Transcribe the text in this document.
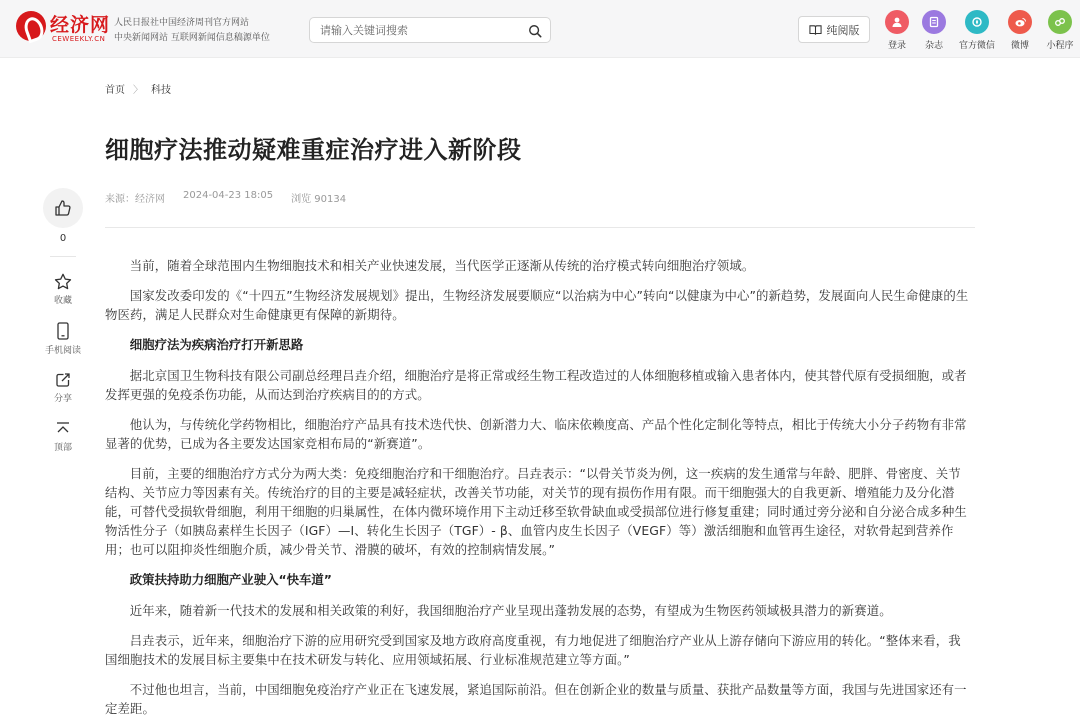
经济网
CEWEEKLY.CN
人民日报社中国经济周刊官方网站
中央新闻网站 互联网新闻信息稿源单位
请输入关键词搜索
纯阅版
登录	杂志	官方微信	微博	小程序
首页 〉 科技
细胞疗法推动疑难重症治疗进入新阶段
来源：经济网 2024-04-23 18:05 浏览 90134
0
收藏
手机阅读
分享
顶部

当前，随着全球范围内生物细胞技术和相关产业快速发展，当代医学正逐渐从传统的治疗模式转向细胞治疗领域。

国家发改委印发的《“十四五”生物经济发展规划》提出，生物经济发展要顺应“以治病为中心”转向“以健康为中心”的新趋势，发展面向人民生命健康的生物医药，满足人民群众对生命健康更有保障的新期待。

细胞疗法为疾病治疗打开新思路

据北京国卫生物科技有限公司副总经理吕垚介绍，细胞治疗是将正常或经生物工程改造过的人体细胞移植或输入患者体内，使其替代原有受损细胞，或者发挥更强的免疫杀伤功能，从而达到治疗疾病目的的方式。

他认为，与传统化学药物相比，细胞治疗产品具有技术迭代快、创新潜力大、临床依赖度高、产品个性化定制化等特点，相比于传统大小分子药物有非常显著的优势，已成为各主要发达国家竞相布局的“新赛道”。

目前，主要的细胞治疗方式分为两大类：免疫细胞治疗和干细胞治疗。吕垚表示：“以骨关节炎为例，这一疾病的发生通常与年龄、肥胖、骨密度、关节结构、关节应力等因素有关。传统治疗的目的主要是减轻症状，改善关节功能，对关节的现有损伤作用有限。而干细胞强大的自我更新、增殖能力及分化潜能，可替代受损软骨细胞，利用干细胞的归巢属性，在体内微环境作用下主动迁移至软骨缺血或受损部位进行修复重建；同时通过旁分泌和自分泌合成多种生物活性分子（如胰岛素样生长因子（IGF）—I、转化生长因子（TGF）- β、血管内皮生长因子（VEGF）等）激活细胞和血管再生途径，对软骨起到营养作用；也可以阻抑炎性细胞介质，减少骨关节、滑膜的破坏，有效的控制病情发展。”

政策扶持助力细胞产业驶入“快车道”

近年来，随着新一代技术的发展和相关政策的利好，我国细胞治疗产业呈现出蓬勃发展的态势，有望成为生物医药领域极具潜力的新赛道。

吕垚表示，近年来，细胞治疗下游的应用研究受到国家及地方政府高度重视，有力地促进了细胞治疗产业从上游存储向下游应用的转化。“整体来看，我国细胞技术的发展目标主要集中在技术研发与转化、应用领域拓展、行业标准规范建立等方面。”

不过他也坦言，当前，中国细胞免疫治疗产业正在飞速发展，紧追国际前沿。但在创新企业的数量与质量、获批产品数量等方面，我国与先进国家还有一定差距。
